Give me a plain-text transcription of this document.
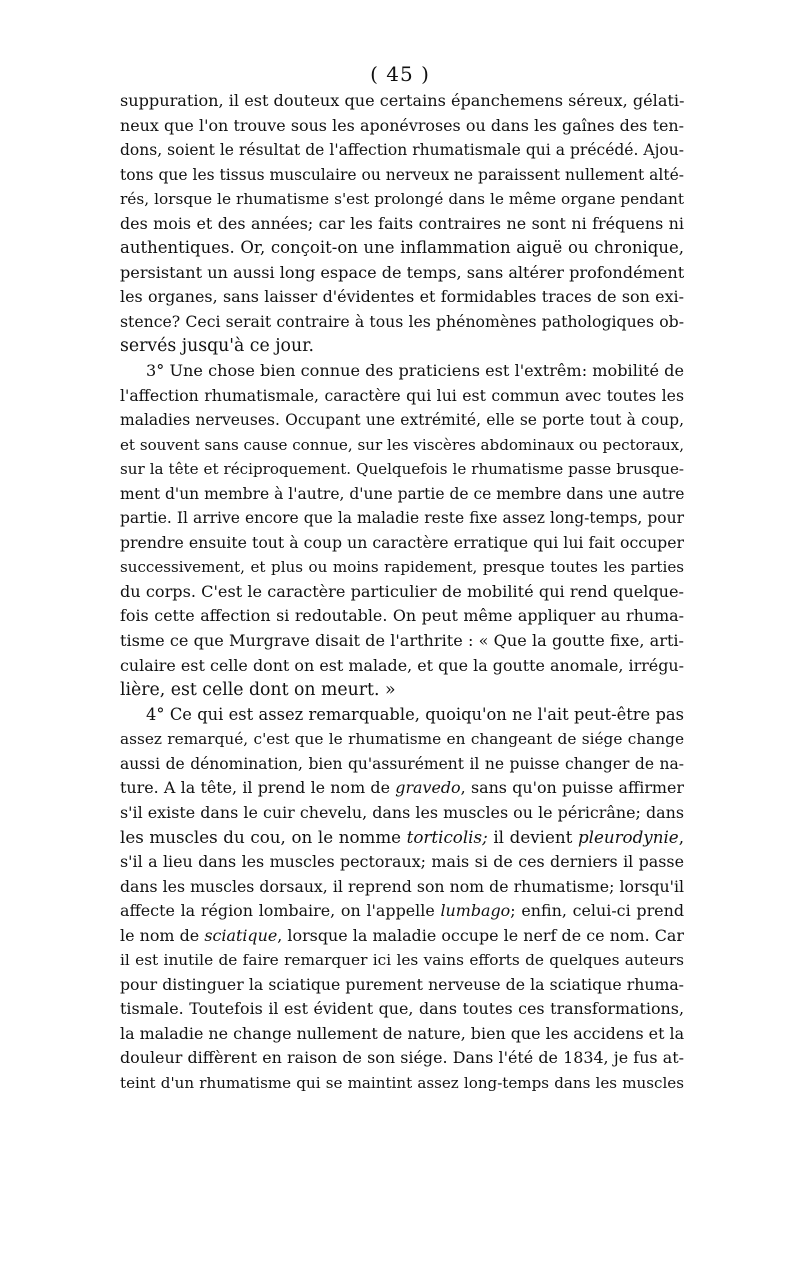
( 45 )
suppuration, il est douteux que certains épanchemens séreux, gélati-
neux que l'on trouve sous les aponévroses ou dans les gaînes des ten-
dons, soient le résultat de l'affection rhumatismale qui a précédé. Ajou-
tons que les tissus musculaire ou nerveux ne paraissent nullement alté-
rés, lorsque le rhumatisme s'est prolongé dans le même organe pendant
des mois et des années; car les faits contraires ne sont ni fréquens ni
authentiques. Or, conçoit-on une inflammation aiguë ou chronique,
persistant un aussi long espace de temps, sans altérer profondément
les organes, sans laisser d'évidentes et formidables traces de son exi-
stence? Ceci serait contraire à tous les phénomènes pathologiques ob-
servés jusqu'à ce jour.
3° Une chose bien connue des praticiens est l'extrêm: mobilité de
l'affection rhumatismale, caractère qui lui est commun avec toutes les
maladies nerveuses. Occupant une extrémité, elle se porte tout à coup,
et souvent sans cause connue, sur les viscères abdominaux ou pectoraux,
sur la tête et réciproquement. Quelquefois le rhumatisme passe brusque-
ment d'un membre à l'autre, d'une partie de ce membre dans une autre
partie. Il arrive encore que la maladie reste fixe assez long-temps, pour
prendre ensuite tout à coup un caractère erratique qui lui fait occuper
successivement, et plus ou moins rapidement, presque toutes les parties
du corps. C'est le caractère particulier de mobilité qui rend quelque-
fois cette affection si redoutable. On peut même appliquer au rhuma-
tisme ce que Murgrave disait de l'arthrite : « Que la goutte fixe, arti-
culaire est celle dont on est malade, et que la goutte anomale, irrégu-
lière, est celle dont on meurt. »
4° Ce qui est assez remarquable, quoiqu'on ne l'ait peut-être pas
assez remarqué, c'est que le rhumatisme en changeant de siége change
aussi de dénomination, bien qu'assurément il ne puisse changer de na-
ture. A la tête, il prend le nom de gravedo, sans qu'on puisse affirmer
s'il existe dans le cuir chevelu, dans les muscles ou le péricrâne; dans
les muscles du cou, on le nomme torticolis; il devient pleurodynie,
s'il a lieu dans les muscles pectoraux; mais si de ces derniers il passe
dans les muscles dorsaux, il reprend son nom de rhumatisme; lorsqu'il
affecte la région lombaire, on l'appelle lumbago; enfin, celui-ci prend
le nom de sciatique, lorsque la maladie occupe le nerf de ce nom. Car
il est inutile de faire remarquer ici les vains efforts de quelques auteurs
pour distinguer la sciatique purement nerveuse de la sciatique rhuma-
tismale. Toutefois il est évident que, dans toutes ces transformations,
la maladie ne change nullement de nature, bien que les accidens et la
douleur diffèrent en raison de son siége. Dans l'été de 1834, je fus at-
teint d'un rhumatisme qui se maintint assez long-temps dans les muscles
